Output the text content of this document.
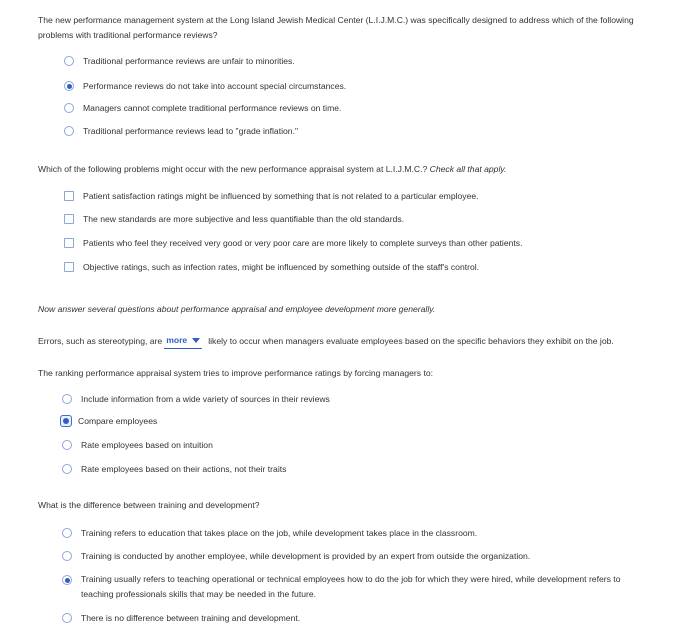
The new performance management system at the Long Island Jewish Medical Center (L.I.J.M.C.) was specifically designed to address which of the following problems with traditional performance reviews?
Traditional performance reviews are unfair to minorities.
Performance reviews do not take into account special circumstances.
Managers cannot complete traditional performance reviews on time.
Traditional performance reviews lead to "grade inflation."
Which of the following problems might occur with the new performance appraisal system at L.I.J.M.C.? Check all that apply.
Patient satisfaction ratings might be influenced by something that is not related to a particular employee.
The new standards are more subjective and less quantifiable than the old standards.
Patients who feel they received very good or very poor care are more likely to complete surveys than other patients.
Objective ratings, such as infection rates, might be influenced by something outside of the staff's control.
Now answer several questions about performance appraisal and employee development more generally.
Errors, such as stereotyping, are more likely to occur when managers evaluate employees based on the specific behaviors they exhibit on the job.
The ranking performance appraisal system tries to improve performance ratings by forcing managers to:
Include information from a wide variety of sources in their reviews
Compare employees
Rate employees based on intuition
Rate employees based on their actions, not their traits
What is the difference between training and development?
Training refers to education that takes place on the job, while development takes place in the classroom.
Training is conducted by another employee, while development is provided by an expert from outside the organization.
Training usually refers to teaching operational or technical employees how to do the job for which they were hired, while development refers to teaching professionals skills that may be needed in the future.
There is no difference between training and development.
